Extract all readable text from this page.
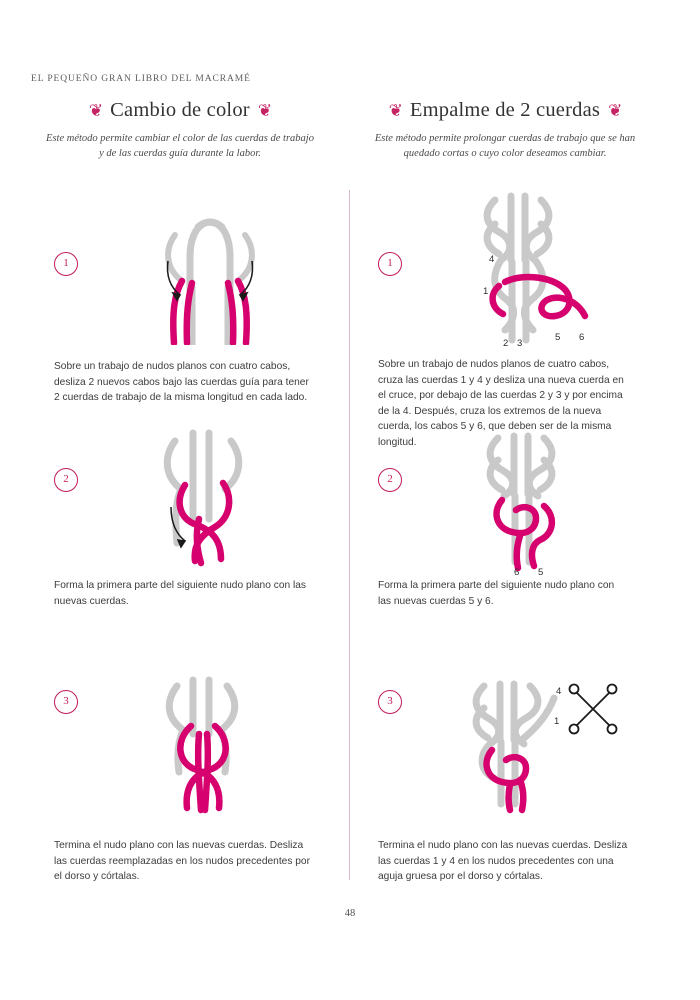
EL PEQUEÑO GRAN LIBRO DEL MACRAMÉ
❦ Cambio de color ❦
Este método permite cambiar el color de las cuerdas de trabajo y de las cuerdas guía durante la labor.
1
Sobre un trabajo de nudos planos con cuatro cabos, desliza 2 nuevos cabos bajo las cuerdas guía para tener 2 cuerdas de trabajo de la misma longitud en cada lado.
2
Forma la primera parte del siguiente nudo plano con las nuevas cuerdas.
3
Termina el nudo plano con las nuevas cuerdas. Desliza las cuerdas reemplazadas en los nudos precedentes por el dorso y córtalas.
❦ Empalme de 2 cuerdas ❦
Este método permite prolongar cuerdas de trabajo que se han quedado cortas o cuyo color deseamos cambiar.
1	4
1
2 3
5 6
Sobre un trabajo de nudos planos de cuatro cabos, cruza las cuerdas 1 y 4 y desliza una nueva cuerda en el cruce, por debajo de las cuerdas 2 y 3 y por encima de la 4. Después, cruza los extremos de la nueva cuerda, los cabos 5 y 6, que deben ser de la misma longitud.
2
6 5
Forma la primera parte del siguiente nudo plano con las nuevas cuerdas 5 y 6.
3
4
1
Termina el nudo plano con las nuevas cuerdas. Desliza las cuerdas 1 y 4 en los nudos precedentes con una aguja gruesa por el dorso y córtalas.
48
